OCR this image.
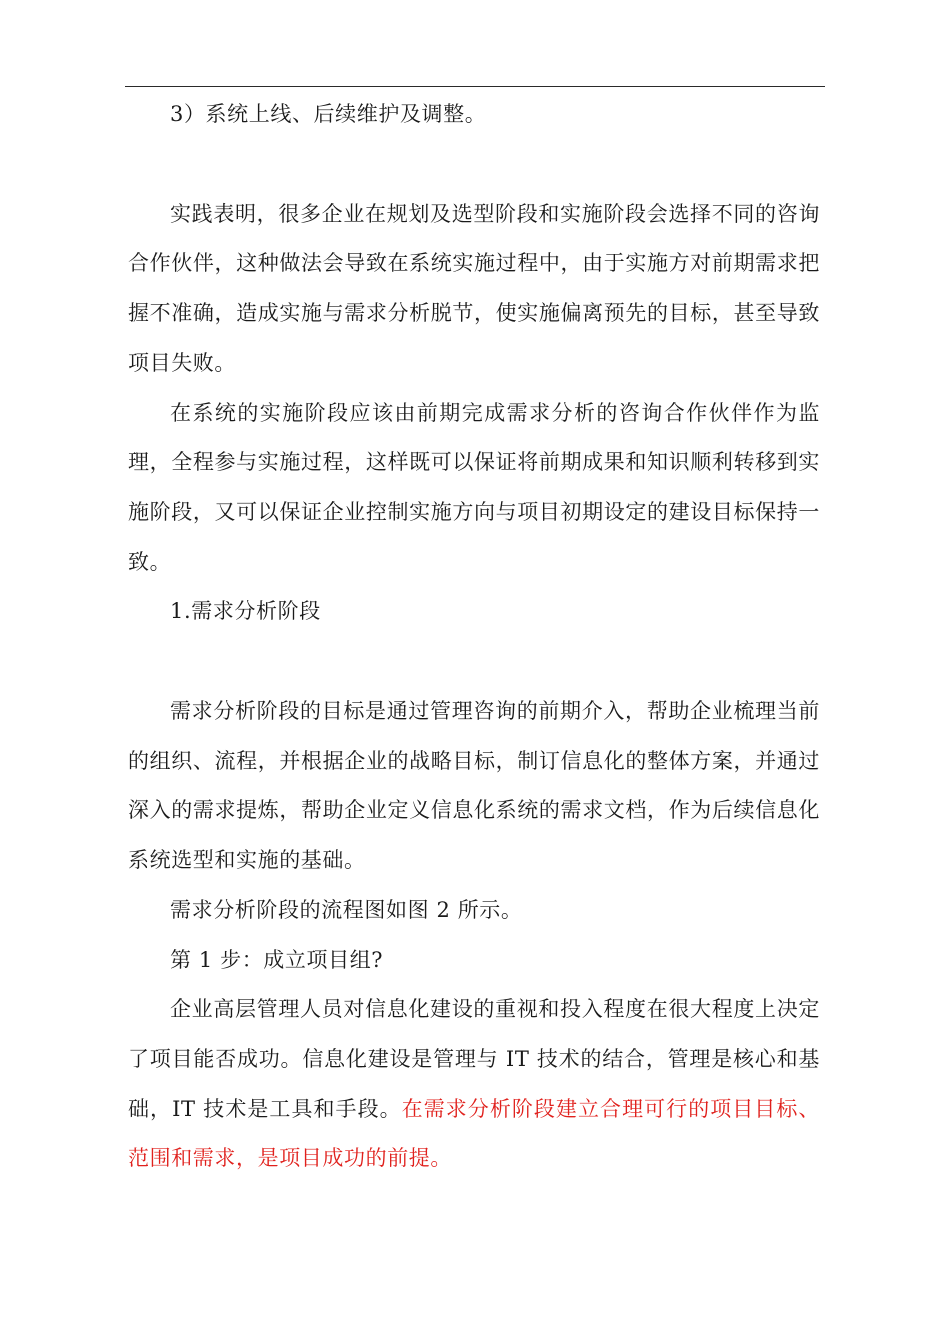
3）系统上线、后续维护及调整。

实践表明，很多企业在规划及选型阶段和实施阶段会选择不同的咨询合作伙伴，这种做法会导致在系统实施过程中，由于实施方对前期需求把握不准确，造成实施与需求分析脱节，使实施偏离预先的目标，甚至导致项目失败。

在系统的实施阶段应该由前期完成需求分析的咨询合作伙伴作为监理，全程参与实施过程，这样既可以保证将前期成果和知识顺利转移到实施阶段，又可以保证企业控制实施方向与项目初期设定的建设目标保持一致。

1.需求分析阶段

需求分析阶段的目标是通过管理咨询的前期介入，帮助企业梳理当前的组织、流程，并根据企业的战略目标，制订信息化的整体方案，并通过深入的需求提炼，帮助企业定义信息化系统的需求文档，作为后续信息化系统选型和实施的基础。

需求分析阶段的流程图如图 2 所示。

第 1 步：成立项目组?

企业高层管理人员对信息化建设的重视和投入程度在很大程度上决定了项目能否成功。信息化建设是管理与 IT 技术的结合，管理是核心和基础，IT 技术是工具和手段。在需求分析阶段建立合理可行的项目目标、范围和需求，是项目成功的前提。
